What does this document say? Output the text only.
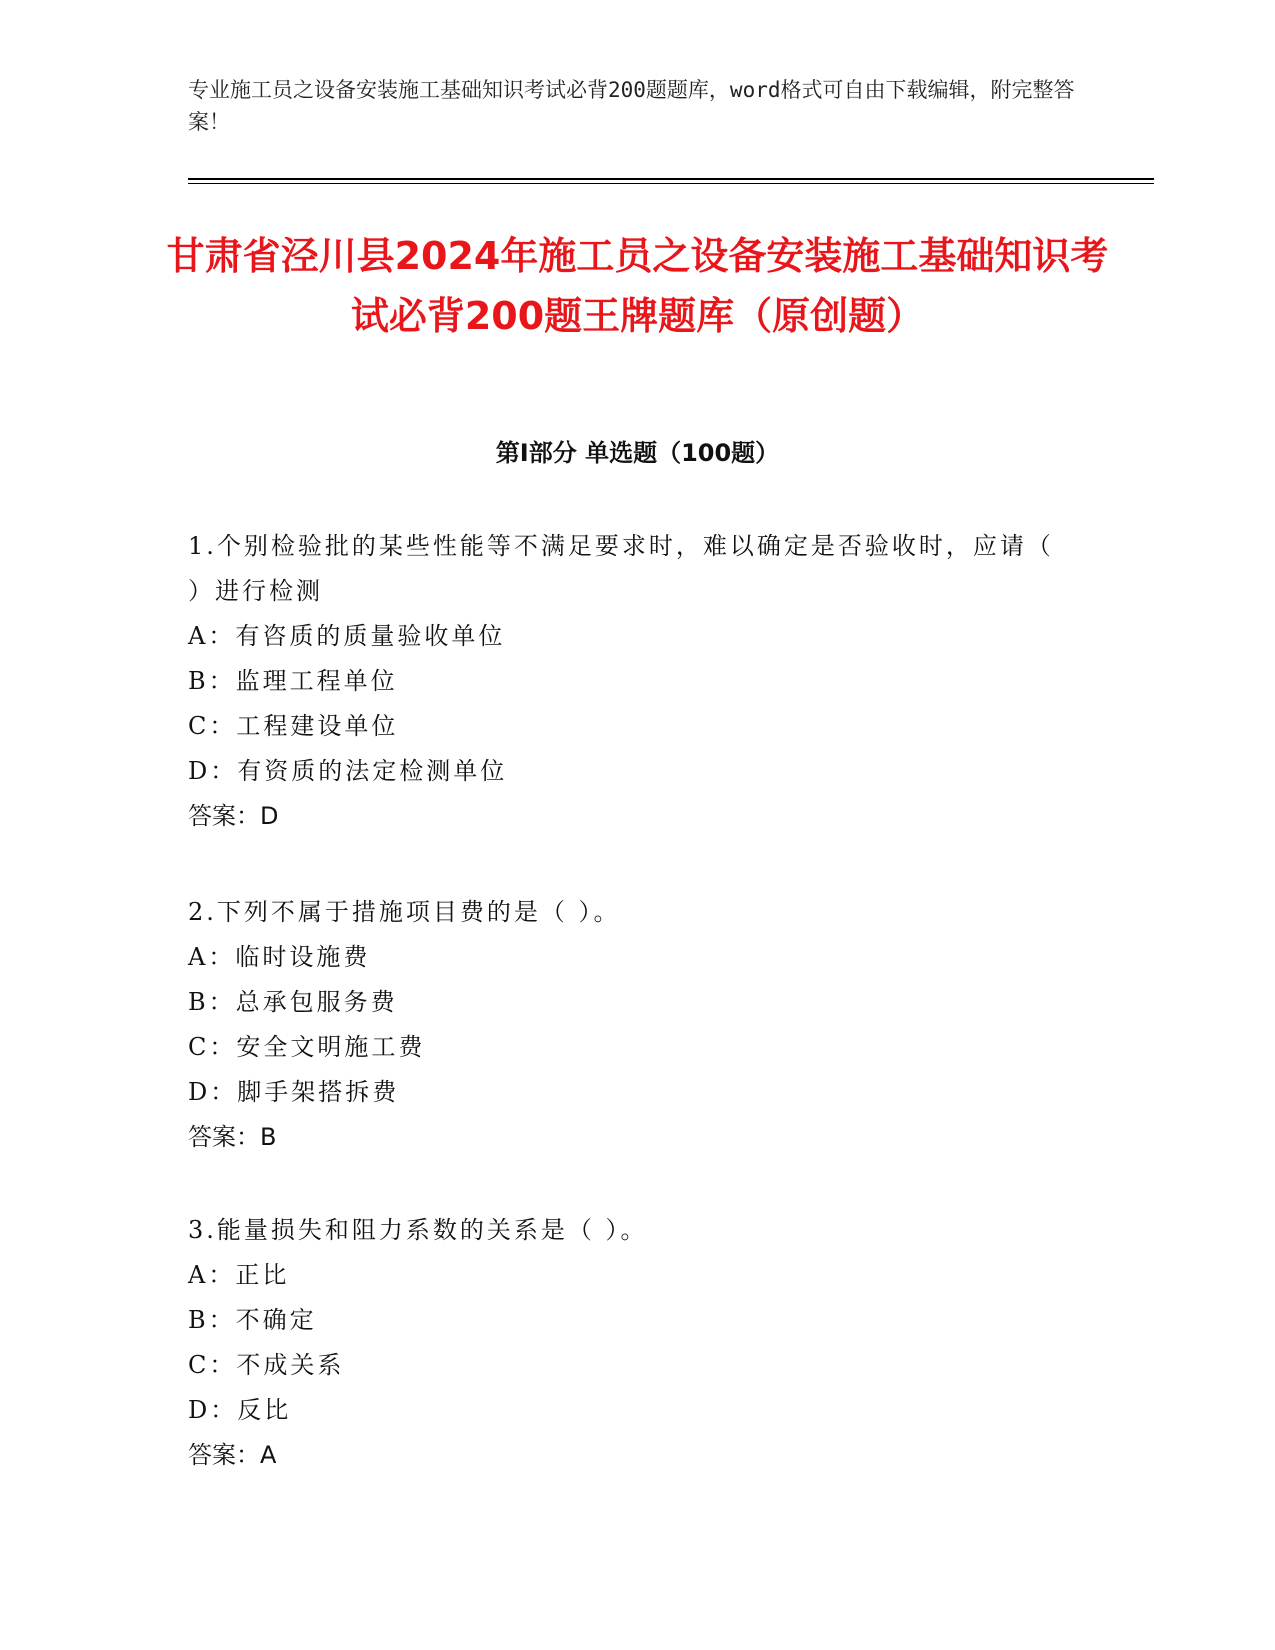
专业施工员之设备安装施工基础知识考试必背200题题库，word格式可自由下载编辑，附完整答案！
甘肃省泾川县2024年施工员之设备安装施工基础知识考试必背200题王牌题库（原创题）
第Ⅰ部分 单选题（100题）

1.个别检验批的某些性能等不满足要求时，难以确定是否验收时，应请（ ）进行检测

A：有咨质的质量验收单位

B：监理工程单位

C：工程建设单位

D：有资质的法定检测单位

答案：D

2.下列不属于措施项目费的是（ ）。

A：临时设施费

B：总承包服务费

C：安全文明施工费

D：脚手架搭拆费

答案：B

3.能量损失和阻力系数的关系是（ ）。

A：正比

B：不确定

C：不成关系

D：反比

答案：A
